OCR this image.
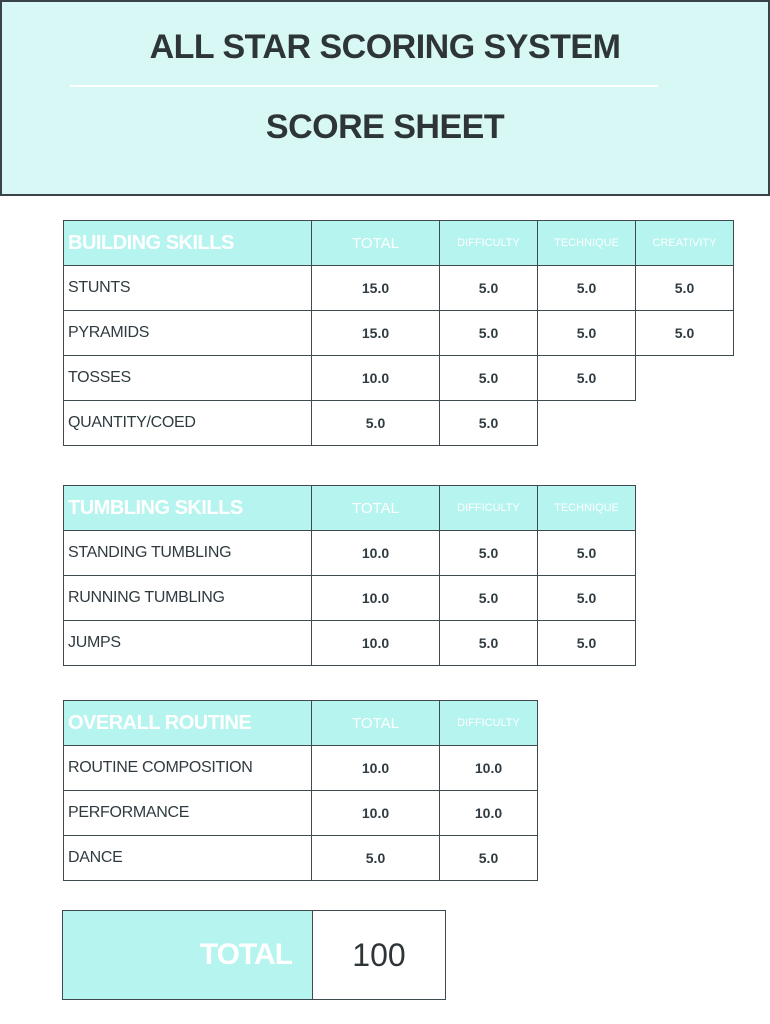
ALL STAR SCORING SYSTEM
SCORE SHEET
BUILDING SKILLS	TOTAL	DIFFICULTY	TECHNIQUE	CREATIVITY
STUNTS	15.0	5.0	5.0	5.0
PYRAMIDS	15.0	5.0	5.0	5.0
TOSSES	10.0	5.0	5.0	
QUANTITY/COED	5.0	5.0		
TUMBLING SKILLS	TOTAL	DIFFICULTY	TECHNIQUE
STANDING TUMBLING	10.0	5.0	5.0
RUNNING TUMBLING	10.0	5.0	5.0
JUMPS	10.0	5.0	5.0
OVERALL ROUTINE	TOTAL	DIFFICULTY
ROUTINE COMPOSITION	10.0	10.0
PERFORMANCE	10.0	10.0
DANCE	5.0	5.0
TOTAL	100
